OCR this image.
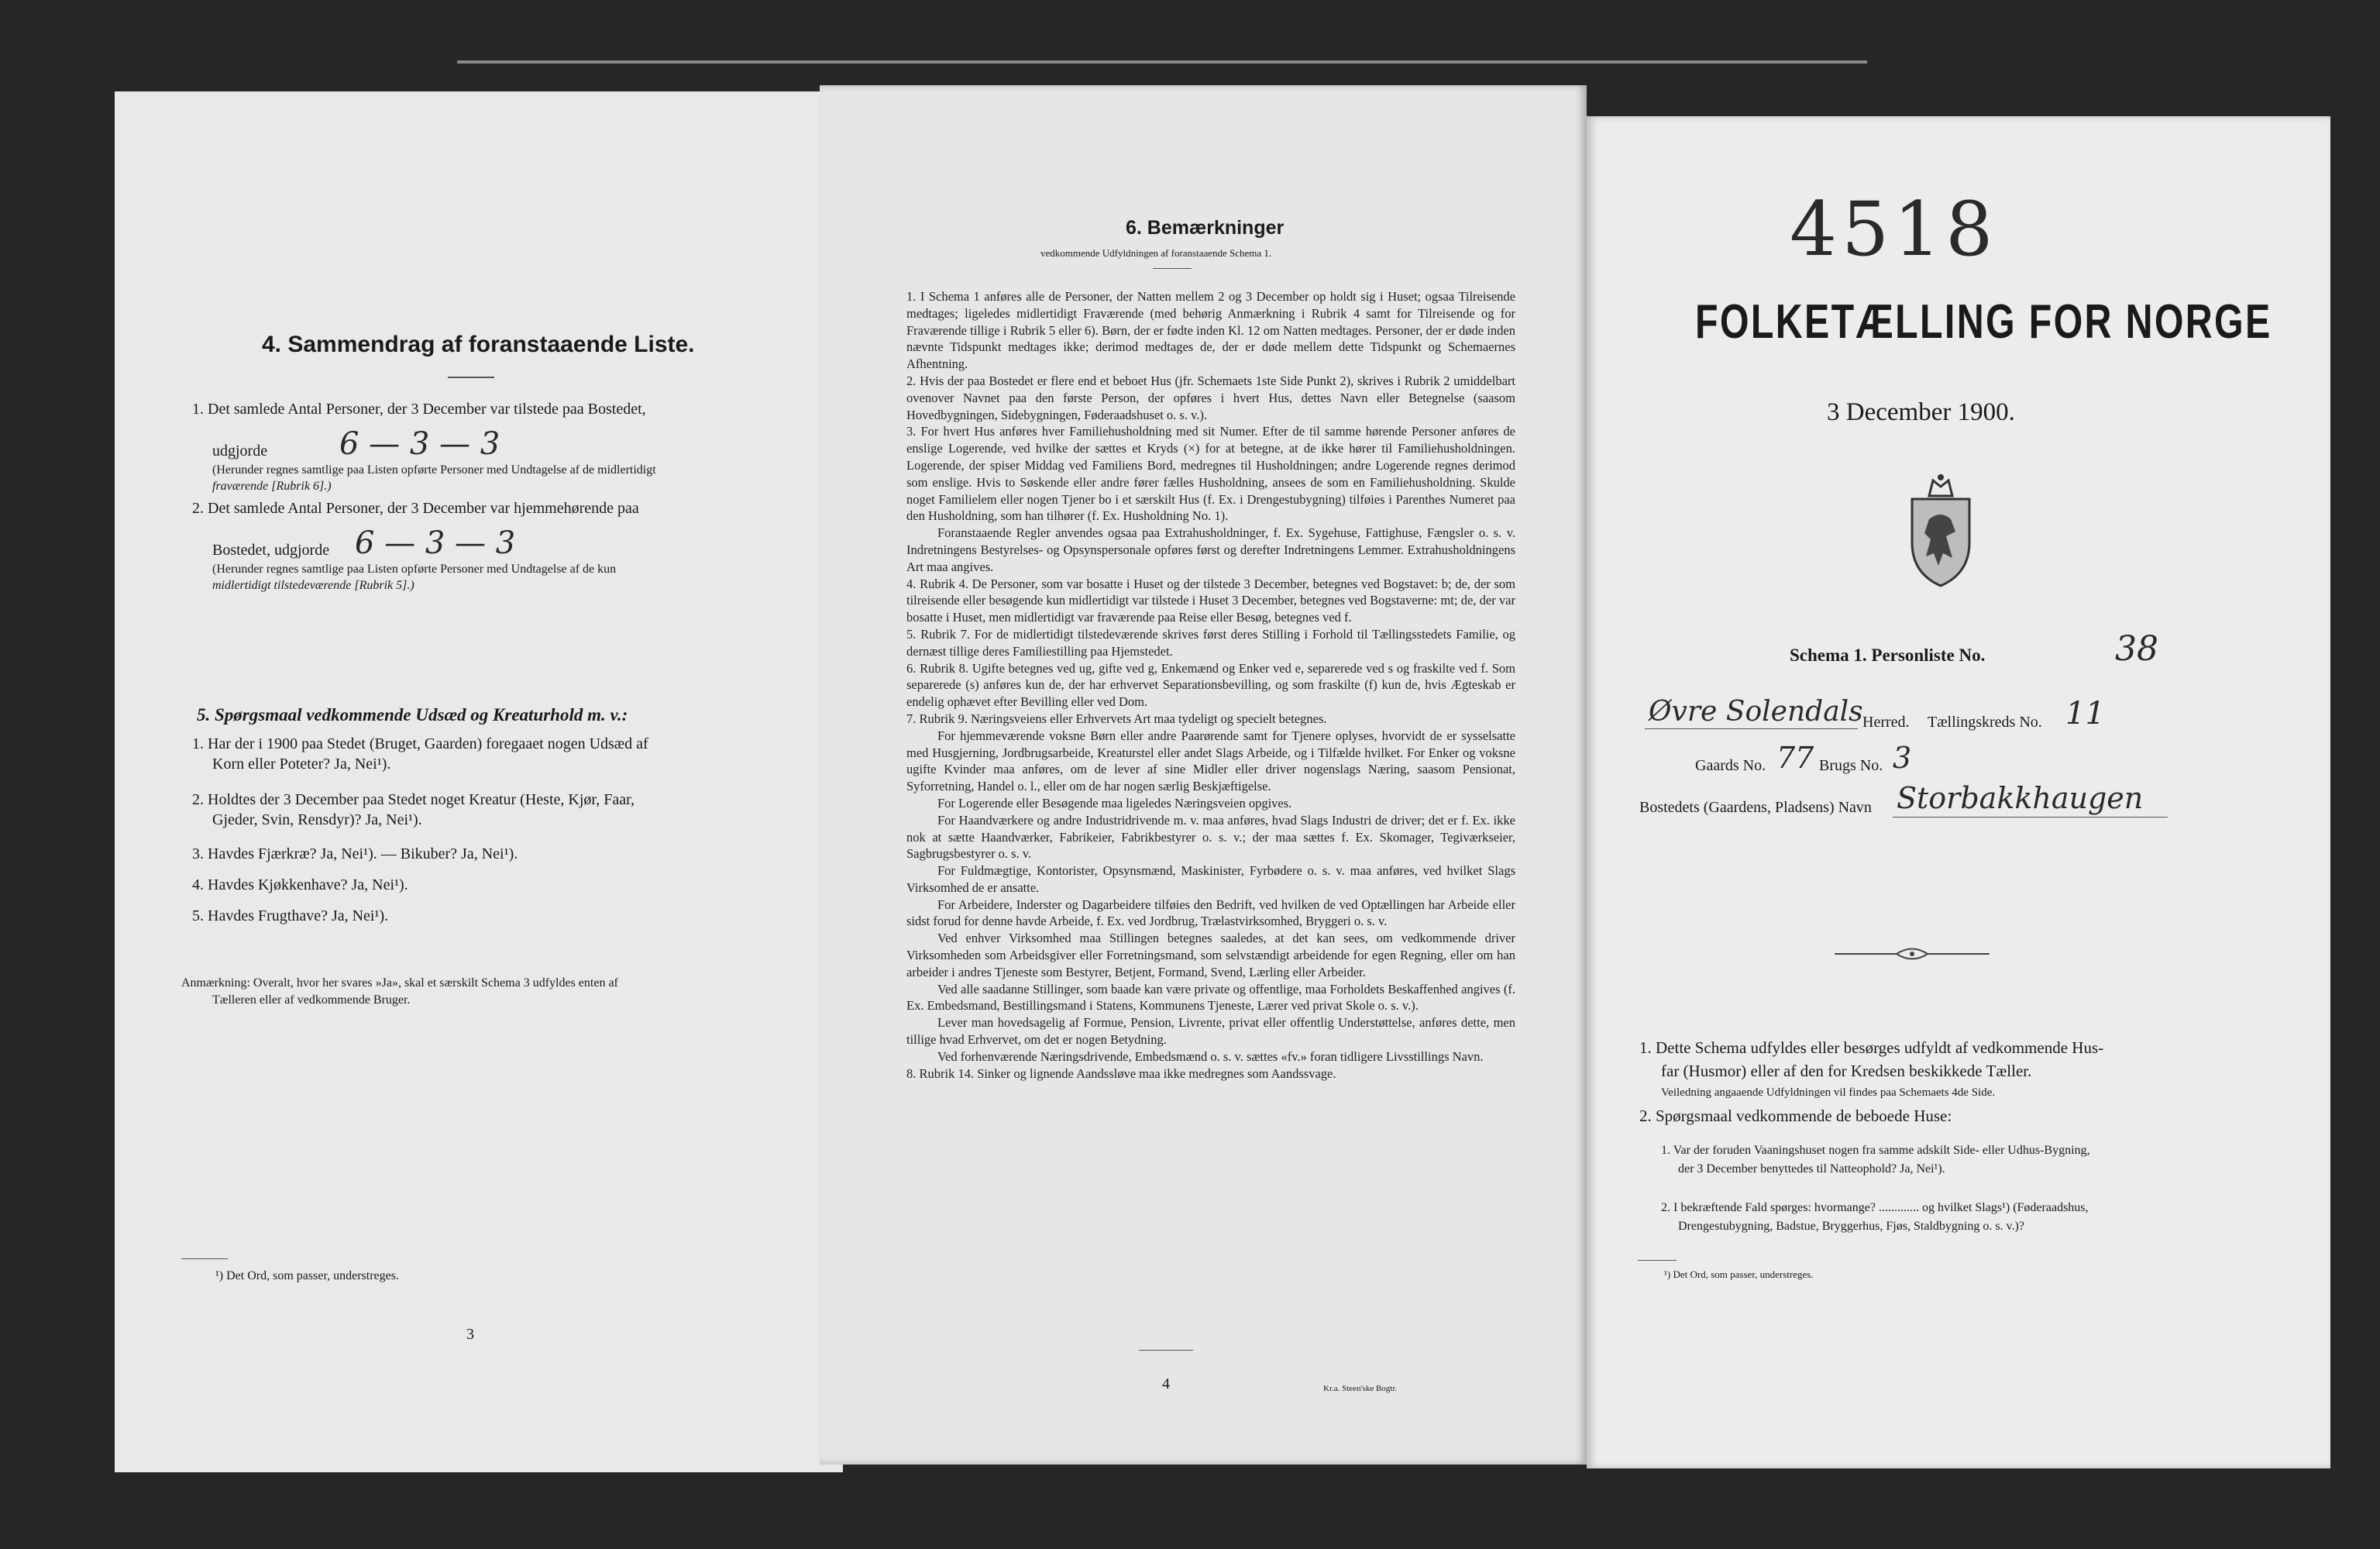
4. Sammendrag af foranstaaende Liste.
1. Det samlede Antal Personer, der 3 December var tilstede paa Bostedet,
udgjorde 6 — 3 — 3
(Herunder regnes samtlige paa Listen opførte Personer med Undtagelse af de midlertidigt
fraværende [Rubrik 6].)
2. Det samlede Antal Personer, der 3 December var hjemmehørende paa
Bostedet, udgjorde 6 — 3 — 3
(Herunder regnes samtlige paa Listen opførte Personer med Undtagelse af de kun
midlertidigt tilstedeværende [Rubrik 5].)
5. Spørgsmaal vedkommende Udsæd og Kreaturhold m. v.:
1. Har der i 1900 paa Stedet (Bruget, Gaarden) foregaaet nogen Udsæd af
Korn eller Poteter? Ja, Nei¹).
2. Holdtes der 3 December paa Stedet noget Kreatur (Heste, Kjør, Faar,
Gjeder, Svin, Rensdyr)? Ja, Nei¹).
3. Havdes Fjærkræ? Ja, Nei¹). — Bikuber? Ja, Nei¹).
4. Havdes Kjøkkenhave? Ja, Nei¹).
5. Havdes Frugthave? Ja, Nei¹).
Anmærkning: Overalt, hvor her svares »Ja», skal et særskilt Schema 3 udfyldes enten af
Tælleren eller af vedkommende Bruger.
¹) Det Ord, som passer, understreges.
3
6. Bemærkninger
vedkommende Udfyldningen af foranstaaende Schema 1.

1. I Schema 1 anføres alle de Personer, der Natten mellem 2 og 3 December op holdt sig i Huset; ogsaa Tilreisende medtages; ligeledes midlertidigt Fraværende (med behørig Anmærkning i Rubrik 4 samt for Tilreisende og for Fraværende tillige i Rubrik 5 eller 6). Børn, der er fødte inden Kl. 12 om Natten medtages. Personer, der er døde inden nævnte Tidspunkt medtages ikke; derimod medtages de, der er døde mellem dette Tidspunkt og Schemaernes Afhentning.

2. Hvis der paa Bostedet er flere end et beboet Hus (jfr. Schemaets 1ste Side Punkt 2), skrives i Rubrik 2 umiddelbart ovenover Navnet paa den første Person, der opføres i hvert Hus, dettes Navn eller Betegnelse (saasom Hovedbygningen, Sidebygningen, Føderaadshuset o. s. v.).

3. For hvert Hus anføres hver Familiehusholdning med sit Numer. Efter de til samme hørende Personer anføres de enslige Logerende, ved hvilke der sættes et Kryds (×) for at betegne, at de ikke hører til Familiehusholdningen. Logerende, der spiser Middag ved Familiens Bord, medregnes til Husholdningen; andre Logerende regnes derimod som enslige. Hvis to Søskende eller andre fører fælles Husholdning, ansees de som en Familiehusholdning. Skulde noget Familielem eller nogen Tjener bo i et særskilt Hus (f. Ex. i Drengestubygning) tilføies i Parenthes Numeret paa den Husholdning, som han tilhører (f. Ex. Husholdning No. 1).

Foranstaaende Regler anvendes ogsaa paa Extrahusholdninger, f. Ex. Sygehuse, Fattighuse, Fængsler o. s. v. Indretningens Bestyrelses- og Opsynspersonale opføres først og derefter Indretningens Lemmer. Extrahusholdningens Art maa angives.

4. Rubrik 4. De Personer, som var bosatte i Huset og der tilstede 3 December, betegnes ved Bogstavet: b; de, der som tilreisende eller besøgende kun midlertidigt var tilstede i Huset 3 December, betegnes ved Bogstaverne: mt; de, der var bosatte i Huset, men midlertidigt var fraværende paa Reise eller Besøg, betegnes ved f.

5. Rubrik 7. For de midlertidigt tilstedeværende skrives først deres Stilling i Forhold til Tællingsstedets Familie, og dernæst tillige deres Familiestilling paa Hjemstedet.

6. Rubrik 8. Ugifte betegnes ved ug, gifte ved g, Enkemænd og Enker ved e, separerede ved s og fraskilte ved f. Som separerede (s) anføres kun de, der har erhvervet Separationsbevilling, og som fraskilte (f) kun de, hvis Ægteskab er endelig ophævet efter Bevilling eller ved Dom.

7. Rubrik 9. Næringsveiens eller Erhvervets Art maa tydeligt og specielt betegnes.

For hjemmeværende voksne Børn eller andre Paarørende samt for Tjenere oplyses, hvorvidt de er sysselsatte med Husgjerning, Jordbrugsarbeide, Kreaturstel eller andet Slags Arbeide, og i Tilfælde hvilket. For Enker og voksne ugifte Kvinder maa anføres, om de lever af sine Midler eller driver nogenslags Næring, saasom Pensionat, Syforretning, Handel o. l., eller om de har nogen særlig Beskjæftigelse.

For Logerende eller Besøgende maa ligeledes Næringsveien opgives.

For Haandværkere og andre Industridrivende m. v. maa anføres, hvad Slags Industri de driver; det er f. Ex. ikke nok at sætte Haandværker, Fabrikeier, Fabrikbestyrer o. s. v.; der maa sættes f. Ex. Skomager, Tegiværkseier, Sagbrugsbestyrer o. s. v.

For Fuldmægtige, Kontorister, Opsynsmænd, Maskinister, Fyrbødere o. s. v. maa anføres, ved hvilket Slags Virksomhed de er ansatte.

For Arbeidere, Inderster og Dagarbeidere tilføies den Bedrift, ved hvilken de ved Optællingen har Arbeide eller sidst forud for denne havde Arbeide, f. Ex. ved Jordbrug, Trælastvirksomhed, Bryggeri o. s. v.

Ved enhver Virksomhed maa Stillingen betegnes saaledes, at det kan sees, om vedkommende driver Virksomheden som Arbeidsgiver eller Forretningsmand, som selvstændigt arbeidende for egen Regning, eller om han arbeider i andres Tjeneste som Bestyrer, Betjent, Formand, Svend, Lærling eller Arbeider.

Ved alle saadanne Stillinger, som baade kan være private og offentlige, maa Forholdets Beskaffenhed angives (f. Ex. Embedsmand, Bestillingsmand i Statens, Kommunens Tjeneste, Lærer ved privat Skole o. s. v.).

Lever man hovedsagelig af Formue, Pension, Livrente, privat eller offentlig Understøttelse, anføres dette, men tillige hvad Erhvervet, om det er nogen Betydning.

Ved forhenværende Næringsdrivende, Embedsmænd o. s. v. sættes «fv.» foran tidligere Livsstillings Navn.

8. Rubrik 14. Sinker og lignende Aandssløve maa ikke medregnes som Aandssvage.

4	Kr.a. Steen'ske Bogtr.
4518
FOLKETÆLLING FOR NORGE
3 December 1900.
Schema 1. Personliste No.	38
Øvre Solendals Herred. Tællingskreds No. 11
Gaards No. 77 Brugs No. 3
Bostedets (Gaardens, Pladsens) Navn Storbakkhaugen
1. Dette Schema udfyldes eller besørges udfyldt af vedkommende Hus-
far (Husmor) eller af den for Kredsen beskikkede Tæller.
Veiledning angaaende Udfyldningen vil findes paa Schemaets 4de Side.
2. Spørgsmaal vedkommende de beboede Huse:
1. Var der foruden Vaaningshuset nogen fra samme adskilt Side- eller Udhus-Bygning,
der 3 December benyttedes til Natteophold? Ja, Nei¹).
2. I bekræftende Fald spørges: hvormange? ............. og hvilket Slags¹) (Føderaadshus,
Drengestubygning, Badstue, Bryggerhus, Fjøs, Staldbygning o. s. v.)?
¹) Det Ord, som passer, understreges.
